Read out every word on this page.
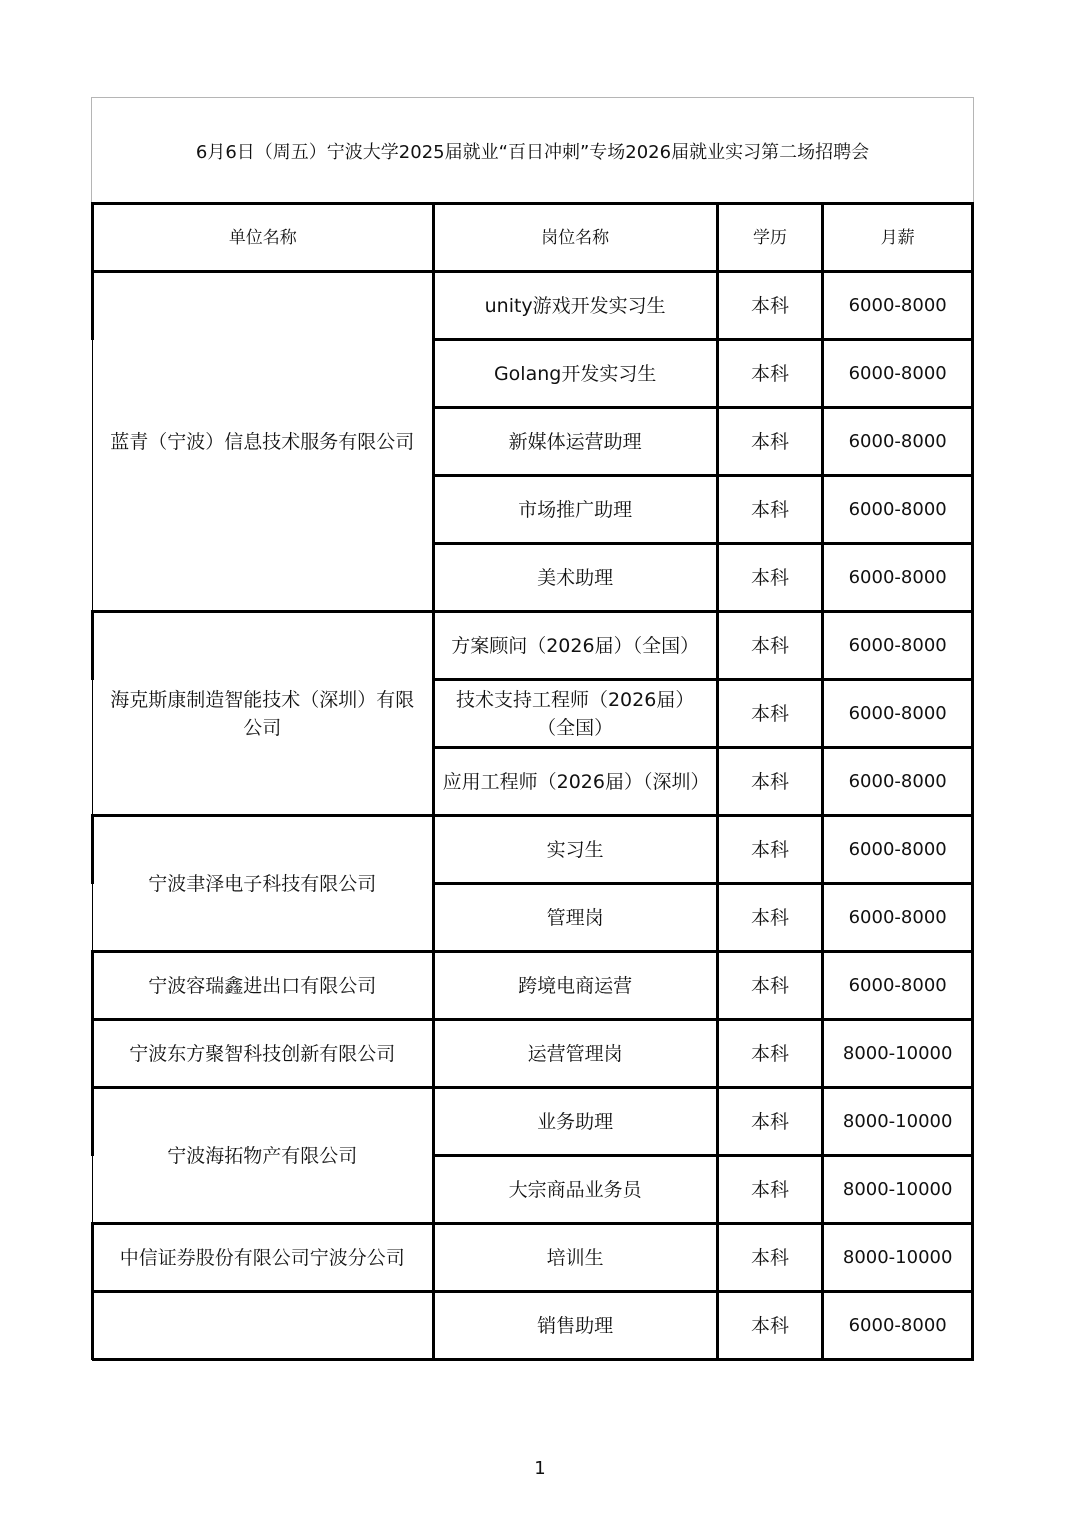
6月6日（周五）宁波大学2025届就业“百日冲刺”专场2026届就业实习第二场招聘会
单位名称	岗位名称	学历	月薪
蓝青（宁波）信息技术服务有限公司	unity游戏开发实习生	本科	6000-8000
	Golang开发实习生	本科	6000-8000
	新媒体运营助理	本科	6000-8000
	市场推广助理	本科	6000-8000
	美术助理	本科	6000-8000
海克斯康制造智能技术（深圳）有限公司	方案顾问（2026届）（全国）	本科	6000-8000
	技术支持工程师（2026届）（全国）	本科	6000-8000
	应用工程师（2026届）（深圳）	本科	6000-8000
宁波聿泽电子科技有限公司	实习生	本科	6000-8000
	管理岗	本科	6000-8000
宁波容瑞鑫进出口有限公司	跨境电商运营	本科	6000-8000
宁波东方聚智科技创新有限公司	运营管理岗	本科	8000-10000
宁波海拓物产有限公司	业务助理	本科	8000-10000
	大宗商品业务员	本科	8000-10000
中信证券股份有限公司宁波分公司	培训生	本科	8000-10000
	销售助理	本科	6000-8000
1
